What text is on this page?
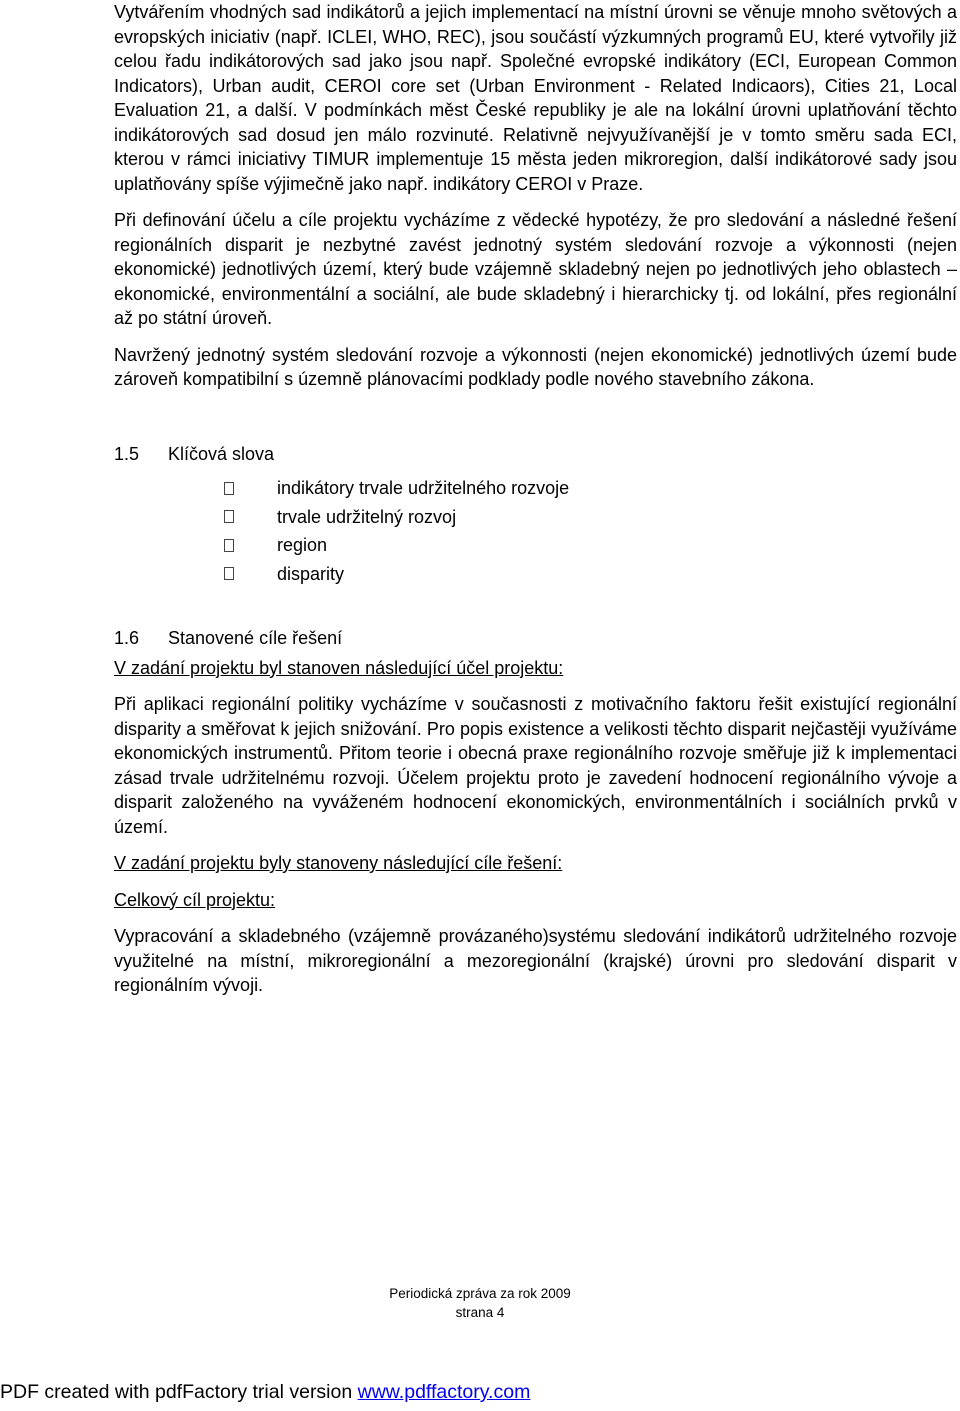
Vytvářením vhodných sad indikátorů a jejich implementací na místní úrovni se věnuje mnoho světových a evropských iniciativ (např. ICLEI, WHO, REC), jsou součástí výzkumných programů EU, které vytvořily již celou řadu indikátorových sad jako jsou např. Společné evropské indikátory (ECI, European Common Indicators), Urban audit, CEROI core set (Urban Environment - Related Indicaors), Cities 21, Local Evaluation 21, a další. V podmínkách měst České republiky je ale na lokální úrovni uplatňování těchto indikátorových sad dosud jen málo rozvinuté. Relativně nejvyužívanější je v tomto směru sada ECI, kterou v rámci iniciativy TIMUR implementuje 15 města jeden mikroregion, další indikátorové sady jsou uplatňovány spíše výjimečně jako např. indikátory CEROI v Praze.

Při definování účelu a cíle projektu vycházíme z vědecké hypotézy, že pro sledování a následné řešení regionálních disparit je nezbytné zavést jednotný systém sledování rozvoje a výkonnosti (nejen ekonomické) jednotlivých území, který bude vzájemně skladebný nejen po jednotlivých jeho oblastech – ekonomické, environmentální a sociální, ale bude skladebný i hierarchicky tj. od lokální, přes regionální až po státní úroveň.

Navržený jednotný systém sledování rozvoje a výkonnosti (nejen ekonomické) jednotlivých území bude zároveň kompatibilní s územně plánovacími podklady podle nového stavebního zákona.

1.5	Klíčová slova
indikátory trvale udržitelného rozvoje
trvale udržitelný rozvoj
region
disparity
1.6	Stanovené cíle řešení

V zadání projektu byl stanoven následující účel projektu:

Při aplikaci regionální politiky vycházíme v současnosti z motivačního faktoru řešit existující regionální disparity a směřovat k jejich snižování. Pro popis existence a velikosti těchto disparit nejčastěji využíváme ekonomických instrumentů. Přitom teorie i obecná praxe regionálního rozvoje směřuje již k implementaci zásad trvale udržitelnému rozvoji. Účelem projektu proto je zavedení hodnocení regionálního vývoje a disparit založeného na vyváženém hodnocení ekonomických, environmentálních i sociálních prvků v území.

V zadání projektu byly stanoveny následující cíle řešení:

Celkový cíl projektu:

Vypracování a skladebného (vzájemně provázaného)systému sledování indikátorů udržitelného rozvoje využitelné na místní, mikroregionální a mezoregionální (krajské) úrovni pro sledování disparit v regionálním vývoji.

Periodická zpráva za rok 2009
strana 4
PDF created with pdfFactory trial version www.pdffactory.com
